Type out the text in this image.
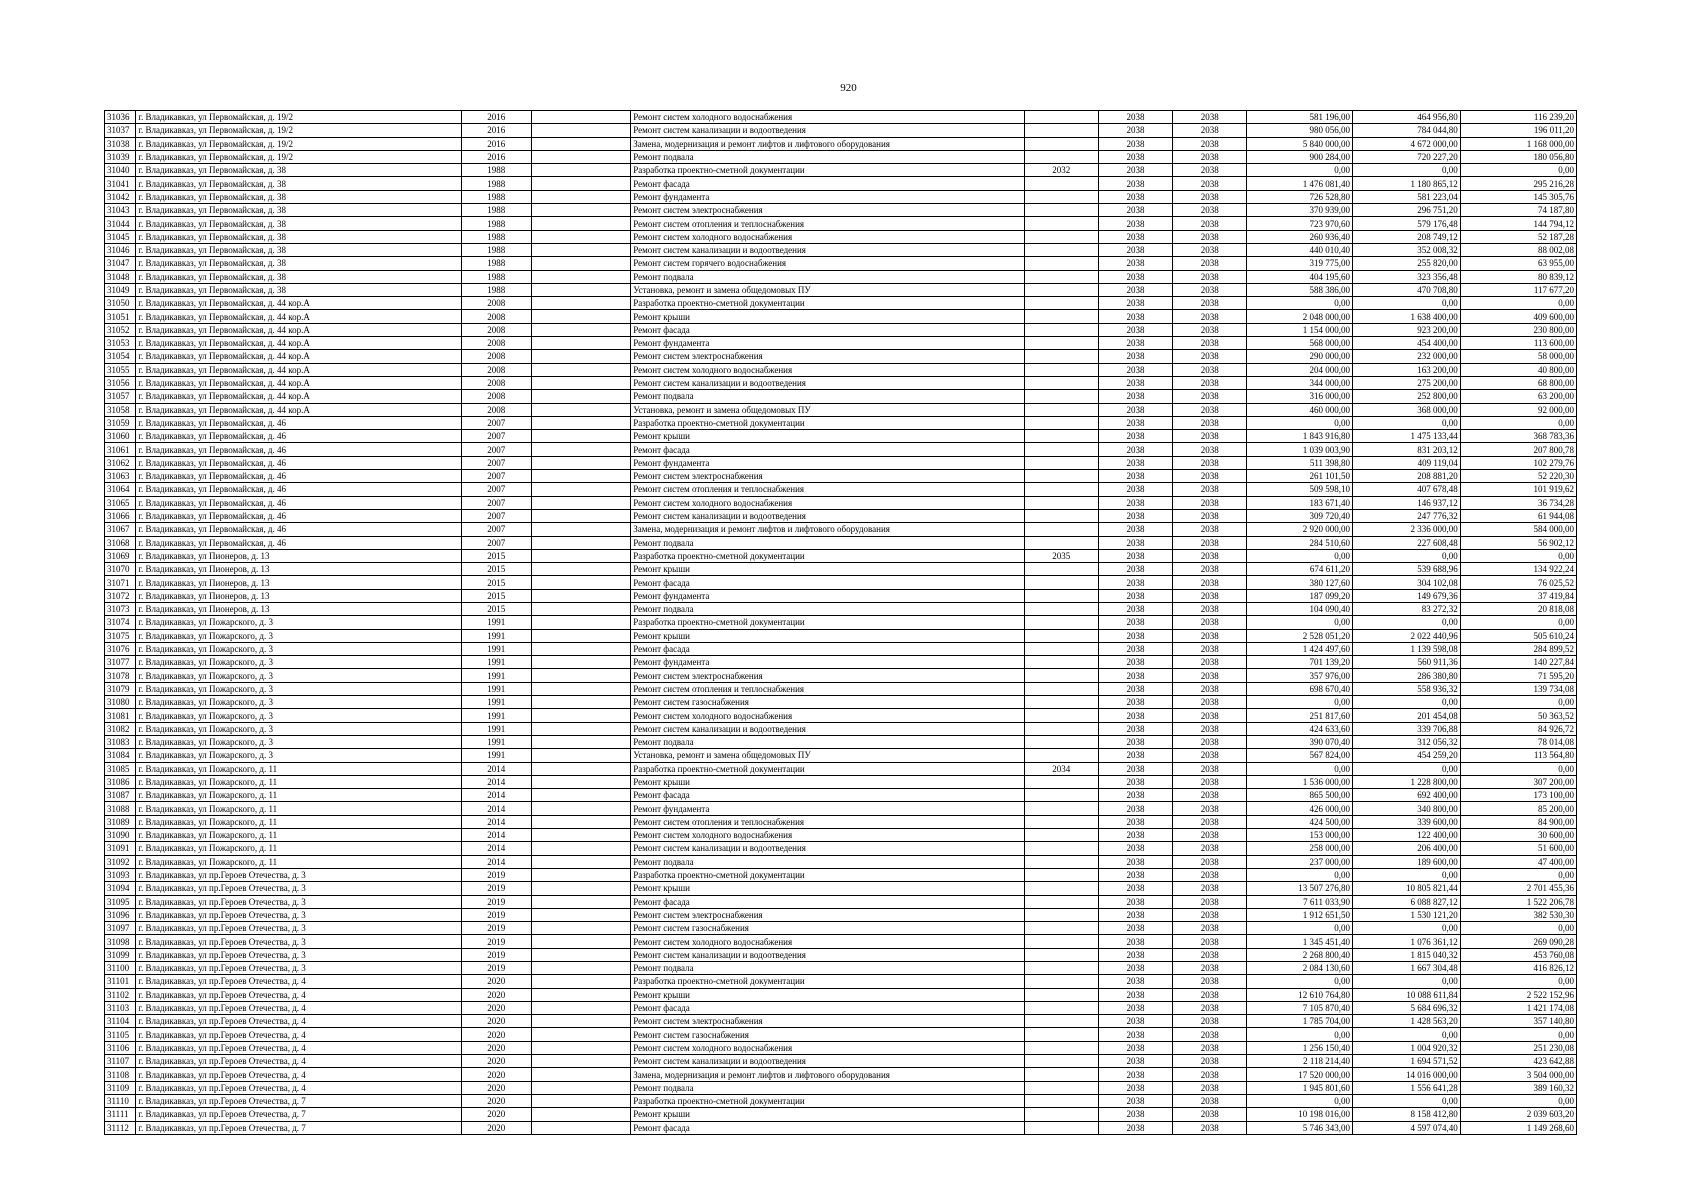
920
31036	г. Владикавказ, ул Первомайская, д. 19/2	2016		Ремонт систем холодного водоснабжения		2038	2038	581 196,00	464 956,80	116 239,20
31037	г. Владикавказ, ул Первомайская, д. 19/2	2016		Ремонт систем канализации и водоотведения		2038	2038	980 056,00	784 044,80	196 011,20
31038	г. Владикавказ, ул Первомайская, д. 19/2	2016		Замена, модернизация и ремонт лифтов и лифтового оборудования		2038	2038	5 840 000,00	4 672 000,00	1 168 000,00
31039	г. Владикавказ, ул Первомайская, д. 19/2	2016		Ремонт подвала		2038	2038	900 284,00	720 227,20	180 056,80
31040	г. Владикавказ, ул Первомайская, д. 38	1988		Разработка проектно-сметной документации	2032	2038	2038	0,00	0,00	0,00
31041	г. Владикавказ, ул Первомайская, д. 38	1988		Ремонт фасада		2038	2038	1 476 081,40	1 180 865,12	295 216,28
31042	г. Владикавказ, ул Первомайская, д. 38	1988		Ремонт фундамента		2038	2038	726 528,80	581 223,04	145 305,76
31043	г. Владикавказ, ул Первомайская, д. 38	1988		Ремонт систем электроснабжения		2038	2038	370 939,00	296 751,20	74 187,80
31044	г. Владикавказ, ул Первомайская, д. 38	1988		Ремонт систем отопления и теплоснабжения		2038	2038	723 970,60	579 176,48	144 794,12
31045	г. Владикавказ, ул Первомайская, д. 38	1988		Ремонт систем холодного водоснабжения		2038	2038	260 936,40	208 749,12	52 187,28
31046	г. Владикавказ, ул Первомайская, д. 38	1988		Ремонт систем канализации и водоотведения		2038	2038	440 010,40	352 008,32	88 002,08
31047	г. Владикавказ, ул Первомайская, д. 38	1988		Ремонт систем горячего водоснабжения		2038	2038	319 775,00	255 820,00	63 955,00
31048	г. Владикавказ, ул Первомайская, д. 38	1988		Ремонт подвала		2038	2038	404 195,60	323 356,48	80 839,12
31049	г. Владикавказ, ул Первомайская, д. 38	1988		Установка, ремонт и замена общедомовых ПУ		2038	2038	588 386,00	470 708,80	117 677,20
31050	г. Владикавказ, ул Первомайская, д. 44 кор.А	2008		Разработка проектно-сметной документации		2038	2038	0,00	0,00	0,00
31051	г. Владикавказ, ул Первомайская, д. 44 кор.А	2008		Ремонт крыши		2038	2038	2 048 000,00	1 638 400,00	409 600,00
31052	г. Владикавказ, ул Первомайская, д. 44 кор.А	2008		Ремонт фасада		2038	2038	1 154 000,00	923 200,00	230 800,00
31053	г. Владикавказ, ул Первомайская, д. 44 кор.А	2008		Ремонт фундамента		2038	2038	568 000,00	454 400,00	113 600,00
31054	г. Владикавказ, ул Первомайская, д. 44 кор.А	2008		Ремонт систем электроснабжения		2038	2038	290 000,00	232 000,00	58 000,00
31055	г. Владикавказ, ул Первомайская, д. 44 кор.А	2008		Ремонт систем холодного водоснабжения		2038	2038	204 000,00	163 200,00	40 800,00
31056	г. Владикавказ, ул Первомайская, д. 44 кор.А	2008		Ремонт систем канализации и водоотведения		2038	2038	344 000,00	275 200,00	68 800,00
31057	г. Владикавказ, ул Первомайская, д. 44 кор.А	2008		Ремонт подвала		2038	2038	316 000,00	252 800,00	63 200,00
31058	г. Владикавказ, ул Первомайская, д. 44 кор.А	2008		Установка, ремонт и замена общедомовых ПУ		2038	2038	460 000,00	368 000,00	92 000,00
31059	г. Владикавказ, ул Первомайская, д. 46	2007		Разработка проектно-сметной документации		2038	2038	0,00	0,00	0,00
31060	г. Владикавказ, ул Первомайская, д. 46	2007		Ремонт крыши		2038	2038	1 843 916,80	1 475 133,44	368 783,36
31061	г. Владикавказ, ул Первомайская, д. 46	2007		Ремонт фасада		2038	2038	1 039 003,90	831 203,12	207 800,78
31062	г. Владикавказ, ул Первомайская, д. 46	2007		Ремонт фундамента		2038	2038	511 398,80	409 119,04	102 279,76
31063	г. Владикавказ, ул Первомайская, д. 46	2007		Ремонт систем электроснабжения		2038	2038	261 101,50	208 881,20	52 220,30
31064	г. Владикавказ, ул Первомайская, д. 46	2007		Ремонт систем отопления и теплоснабжения		2038	2038	509 598,10	407 678,48	101 919,62
31065	г. Владикавказ, ул Первомайская, д. 46	2007		Ремонт систем холодного водоснабжения		2038	2038	183 671,40	146 937,12	36 734,28
31066	г. Владикавказ, ул Первомайская, д. 46	2007		Ремонт систем канализации и водоотведения		2038	2038	309 720,40	247 776,32	61 944,08
31067	г. Владикавказ, ул Первомайская, д. 46	2007		Замена, модернизация и ремонт лифтов и лифтового оборудования		2038	2038	2 920 000,00	2 336 000,00	584 000,00
31068	г. Владикавказ, ул Первомайская, д. 46	2007		Ремонт подвала		2038	2038	284 510,60	227 608,48	56 902,12
31069	г. Владикавказ, ул Пионеров, д. 13	2015		Разработка проектно-сметной документации	2035	2038	2038	0,00	0,00	0,00
31070	г. Владикавказ, ул Пионеров, д. 13	2015		Ремонт крыши		2038	2038	674 611,20	539 688,96	134 922,24
31071	г. Владикавказ, ул Пионеров, д. 13	2015		Ремонт фасада		2038	2038	380 127,60	304 102,08	76 025,52
31072	г. Владикавказ, ул Пионеров, д. 13	2015		Ремонт фундамента		2038	2038	187 099,20	149 679,36	37 419,84
31073	г. Владикавказ, ул Пионеров, д. 13	2015		Ремонт подвала		2038	2038	104 090,40	83 272,32	20 818,08
31074	г. Владикавказ, ул Пожарского, д. 3	1991		Разработка проектно-сметной документации		2038	2038	0,00	0,00	0,00
31075	г. Владикавказ, ул Пожарского, д. 3	1991		Ремонт крыши		2038	2038	2 528 051,20	2 022 440,96	505 610,24
31076	г. Владикавказ, ул Пожарского, д. 3	1991		Ремонт фасада		2038	2038	1 424 497,60	1 139 598,08	284 899,52
31077	г. Владикавказ, ул Пожарского, д. 3	1991		Ремонт фундамента		2038	2038	701 139,20	560 911,36	140 227,84
31078	г. Владикавказ, ул Пожарского, д. 3	1991		Ремонт систем электроснабжения		2038	2038	357 976,00	286 380,80	71 595,20
31079	г. Владикавказ, ул Пожарского, д. 3	1991		Ремонт систем отопления и теплоснабжения		2038	2038	698 670,40	558 936,32	139 734,08
31080	г. Владикавказ, ул Пожарского, д. 3	1991		Ремонт систем газоснабжения		2038	2038	0,00	0,00	0,00
31081	г. Владикавказ, ул Пожарского, д. 3	1991		Ремонт систем холодного водоснабжения		2038	2038	251 817,60	201 454,08	50 363,52
31082	г. Владикавказ, ул Пожарского, д. 3	1991		Ремонт систем канализации и водоотведения		2038	2038	424 633,60	339 706,88	84 926,72
31083	г. Владикавказ, ул Пожарского, д. 3	1991		Ремонт подвала		2038	2038	390 070,40	312 056,32	78 014,08
31084	г. Владикавказ, ул Пожарского, д. 3	1991		Установка, ремонт и замена общедомовых ПУ		2038	2038	567 824,00	454 259,20	113 564,80
31085	г. Владикавказ, ул Пожарского, д. 11	2014		Разработка проектно-сметной документации	2034	2038	2038	0,00	0,00	0,00
31086	г. Владикавказ, ул Пожарского, д. 11	2014		Ремонт крыши		2038	2038	1 536 000,00	1 228 800,00	307 200,00
31087	г. Владикавказ, ул Пожарского, д. 11	2014		Ремонт фасада		2038	2038	865 500,00	692 400,00	173 100,00
31088	г. Владикавказ, ул Пожарского, д. 11	2014		Ремонт фундамента		2038	2038	426 000,00	340 800,00	85 200,00
31089	г. Владикавказ, ул Пожарского, д. 11	2014		Ремонт систем отопления и теплоснабжения		2038	2038	424 500,00	339 600,00	84 900,00
31090	г. Владикавказ, ул Пожарского, д. 11	2014		Ремонт систем холодного водоснабжения		2038	2038	153 000,00	122 400,00	30 600,00
31091	г. Владикавказ, ул Пожарского, д. 11	2014		Ремонт систем канализации и водоотведения		2038	2038	258 000,00	206 400,00	51 600,00
31092	г. Владикавказ, ул Пожарского, д. 11	2014		Ремонт подвала		2038	2038	237 000,00	189 600,00	47 400,00
31093	г. Владикавказ, ул пр.Героев Отечества, д. 3	2019		Разработка проектно-сметной документации		2038	2038	0,00	0,00	0,00
31094	г. Владикавказ, ул пр.Героев Отечества, д. 3	2019		Ремонт крыши		2038	2038	13 507 276,80	10 805 821,44	2 701 455,36
31095	г. Владикавказ, ул пр.Героев Отечества, д. 3	2019		Ремонт фасада		2038	2038	7 611 033,90	6 088 827,12	1 522 206,78
31096	г. Владикавказ, ул пр.Героев Отечества, д. 3	2019		Ремонт систем электроснабжения		2038	2038	1 912 651,50	1 530 121,20	382 530,30
31097	г. Владикавказ, ул пр.Героев Отечества, д. 3	2019		Ремонт систем газоснабжения		2038	2038	0,00	0,00	0,00
31098	г. Владикавказ, ул пр.Героев Отечества, д. 3	2019		Ремонт систем холодного водоснабжения		2038	2038	1 345 451,40	1 076 361,12	269 090,28
31099	г. Владикавказ, ул пр.Героев Отечества, д. 3	2019		Ремонт систем канализации и водоотведения		2038	2038	2 268 800,40	1 815 040,32	453 760,08
31100	г. Владикавказ, ул пр.Героев Отечества, д. 3	2019		Ремонт подвала		2038	2038	2 084 130,60	1 667 304,48	416 826,12
31101	г. Владикавказ, ул пр.Героев Отечества, д. 4	2020		Разработка проектно-сметной документации		2038	2038	0,00	0,00	0,00
31102	г. Владикавказ, ул пр.Героев Отечества, д. 4	2020		Ремонт крыши		2038	2038	12 610 764,80	10 088 611,84	2 522 152,96
31103	г. Владикавказ, ул пр.Героев Отечества, д. 4	2020		Ремонт фасада		2038	2038	7 105 870,40	5 684 696,32	1 421 174,08
31104	г. Владикавказ, ул пр.Героев Отечества, д. 4	2020		Ремонт систем электроснабжения		2038	2038	1 785 704,00	1 428 563,20	357 140,80
31105	г. Владикавказ, ул пр.Героев Отечества, д. 4	2020		Ремонт систем газоснабжения		2038	2038	0,00	0,00	0,00
31106	г. Владикавказ, ул пр.Героев Отечества, д. 4	2020		Ремонт систем холодного водоснабжения		2038	2038	1 256 150,40	1 004 920,32	251 230,08
31107	г. Владикавказ, ул пр.Героев Отечества, д. 4	2020		Ремонт систем канализации и водоотведения		2038	2038	2 118 214,40	1 694 571,52	423 642,88
31108	г. Владикавказ, ул пр.Героев Отечества, д. 4	2020		Замена, модернизация и ремонт лифтов и лифтового оборудования		2038	2038	17 520 000,00	14 016 000,00	3 504 000,00
31109	г. Владикавказ, ул пр.Героев Отечества, д. 4	2020		Ремонт подвала		2038	2038	1 945 801,60	1 556 641,28	389 160,32
31110	г. Владикавказ, ул пр.Героев Отечества, д. 7	2020		Разработка проектно-сметной документации		2038	2038	0,00	0,00	0,00
31111	г. Владикавказ, ул пр.Героев Отечества, д. 7	2020		Ремонт крыши		2038	2038	10 198 016,00	8 158 412,80	2 039 603,20
31112	г. Владикавказ, ул пр.Героев Отечества, д. 7	2020		Ремонт фасада		2038	2038	5 746 343,00	4 597 074,40	1 149 268,60
